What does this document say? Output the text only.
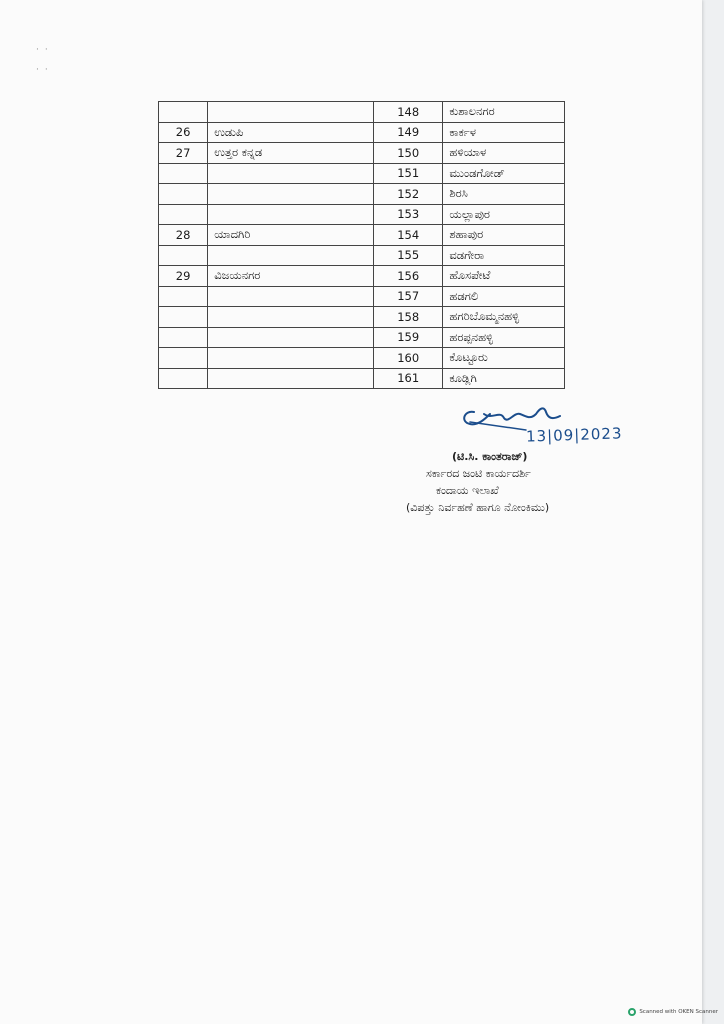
··
··
		148	ಕುಶಾಲನಗರ
26	ಉಡುಪಿ	149	ಕಾರ್ಕಳ
27	ಉತ್ತರ ಕನ್ನಡ	150	ಹಳಿಯಾಳ
		151	ಮುಂಡಗೋಡ್
		152	ಶಿರಸಿ
		153	ಯಲ್ಲಾಪುರ
28	ಯಾದಗಿರಿ	154	ಶಹಾಪುರ
		155	ವಡಗೇರಾ
29	ವಿಜಯನಗರ	156	ಹೊಸಪೇಟೆ
		157	ಹಡಗಲಿ
		158	ಹಗರಿಬೊಮ್ಮನಹಳ್ಳಿ
		159	ಹರಪ್ಪನಹಳ್ಳಿ
		160	ಕೊಟ್ಟೂರು
		161	ಕೂಡ್ಲಿಗಿ
13|09|2023
(ಟಿ.ಸಿ. ಕಾಂತರಾಜ್)
ಸರ್ಕಾರದ ಜಂಟಿ ಕಾರ್ಯದರ್ಶಿ
ಕಂದಾಯ ಇಲಾಖೆ
(ವಿಪತ್ತು ನಿರ್ವಹಣೆ ಹಾಗೂ ನೋಂಕಿಮು)
Scanned with OKEN Scanner
